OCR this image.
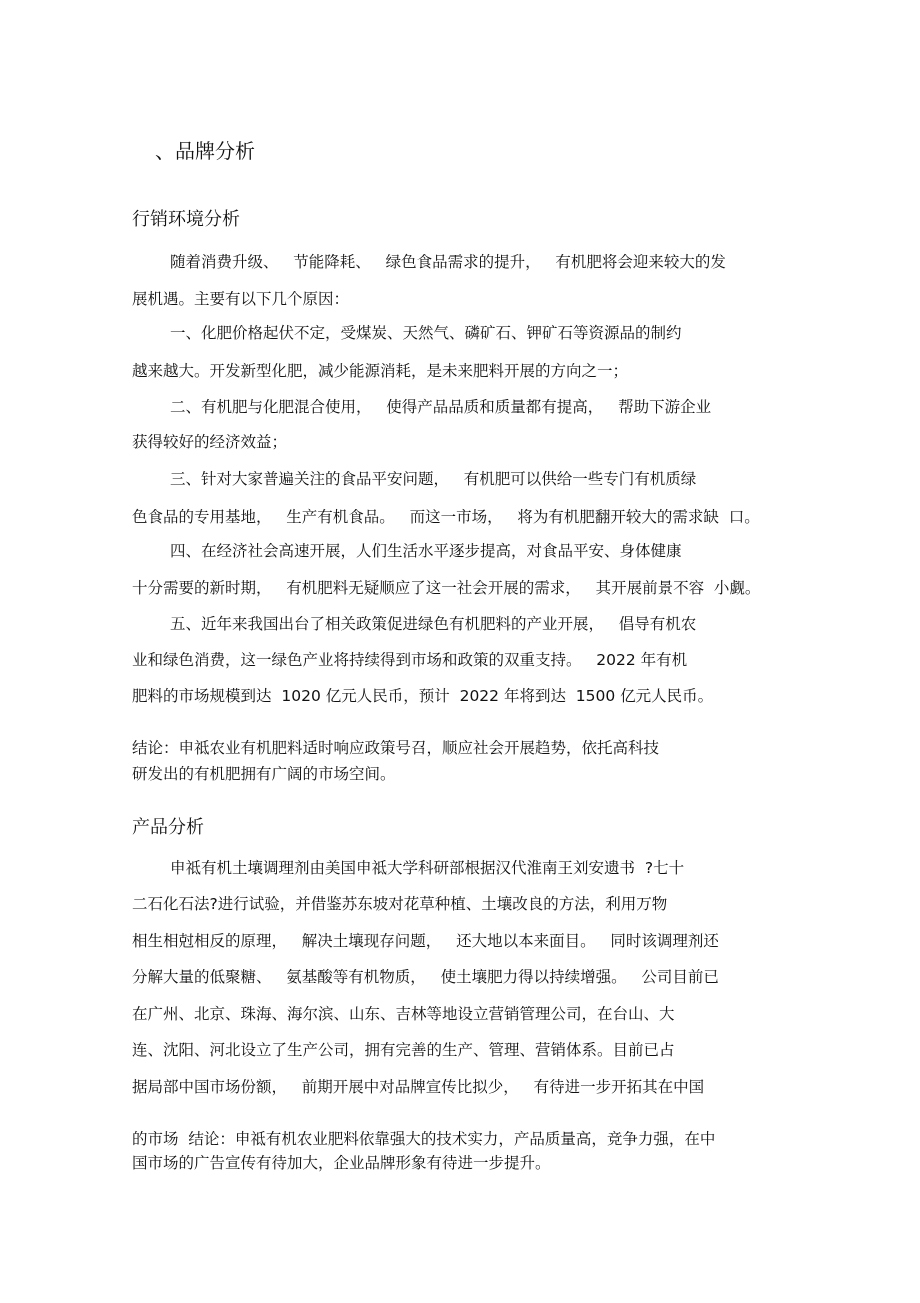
、品牌分析
行销环境分析
随着消费升级、   节能降耗、   绿色食品需求的提升，   有机肥将会迎来较大的发
展机遇。主要有以下几个原因：
一、化肥价格起伏不定，受煤炭、天然气、磷矿石、钾矿石等资源品的制约
越来越大。开发新型化肥，减少能源消耗，是未来肥料开展的方向之一；
二、有机肥与化肥混合使用，   使得产品品质和质量都有提高，   帮助下游企业
获得较好的经济效益；
三、针对大家普遍关注的食品平安问题，   有机肥可以供给一些专门有机质绿
色食品的专用基地，   生产有机食品。   而这一市场，   将为有机肥翻开较大的需求缺  口。
四、在经济社会高速开展，人们生活水平逐步提高，对食品平安、身体健康
十分需要的新时期，   有机肥料无疑顺应了这一社会开展的需求，   其开展前景不容  小觑。
五、近年来我国出台了相关政策促进绿色有机肥料的产业开展，   倡导有机农
业和绿色消费，这一绿色产业将持续得到市场和政策的双重支持。   2022 年有机
肥料的市场规模到达  1020 亿元人民币，预计  2022 年将到达  1500 亿元人民币。
结论：申祗农业有机肥料适时响应政策号召，顺应社会开展趋势，依托高科技
研发出的有机肥拥有广阔的市场空间。
产品分析
申祗有机土壤调理剂由美国申祗大学科研部根据汉代淮南王刘安遗书  ?七十
二石化石法?进行试验，并借鉴苏东坡对花草种植、土壤改良的方法，利用万物
相生相尅相反的原理，   解决土壤现存问题，   还大地以本来面目。   同时该调理剂还
分解大量的低聚糖、   氨基酸等有机物质，   使土壤肥力得以持续增强。   公司目前已
在广州、北京、珠海、海尔滨、山东、吉林等地设立营销管理公司，在台山、大
连、沈阳、河北设立了生产公司，拥有完善的生产、管理、营销体系。目前已占
据局部中国市场份额，   前期开展中对品牌宣传比拟少，   有待进一步开拓其在中国
的市场  结论：申祗有机农业肥料依靠强大的技术实力，产品质量高，竞争力强，在中
国市场的广告宣传有待加大，企业品牌形象有待进一步提升。
